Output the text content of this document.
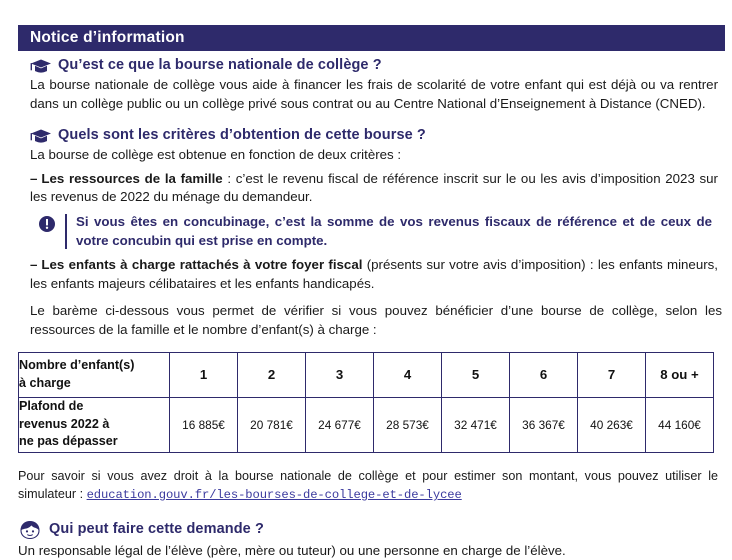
Notice d’information
Qu’est ce que la bourse nationale de collège ?

La bourse nationale de collège vous aide à financer les frais de scolarité de votre enfant qui est déjà ou va rentrer dans un collège public ou un collège privé sous contrat ou au Centre National d’Enseignement à Distance (CNED).

Quels sont les critères d’obtention de cette bourse ?

La bourse de collège est obtenue en fonction de deux critères :

– Les ressources de la famille : c’est le revenu fiscal de référence inscrit sur le ou les avis d’imposition 2023 sur les revenus de 2022 du ménage du demandeur.

Si vous êtes en concubinage, c’est la somme de vos revenus fiscaux de référence et de ceux de votre concubin qui est prise en compte.

– Les enfants à charge rattachés à votre foyer fiscal (présents sur votre avis d’imposition) : les enfants mineurs, les enfants majeurs célibataires et les enfants handicapés.

Le barème ci-dessous vous permet de vérifier si vous pouvez bénéficier d’une bourse de collège, selon les ressources de la famille et le nombre d’enfant(s) à charge :

Nombre d’enfant(s)
à charge	1	2	3	4	5	6	7	8 ou +

Plafond de
revenus 2022 à
ne pas dépasser	16 885€	20 781€	24 677€	28 573€	32 471€	36 367€	40 263€	44 160€

Pour savoir si vous avez droit à la bourse nationale de collège et pour estimer son montant, vous pouvez utiliser le simulateur : education.gouv.fr/les-bourses-de-college-et-de-lycee

Qui peut faire cette demande ?

Un responsable légal de l’élève (père, mère ou tuteur) ou une personne en charge de l’élève.
